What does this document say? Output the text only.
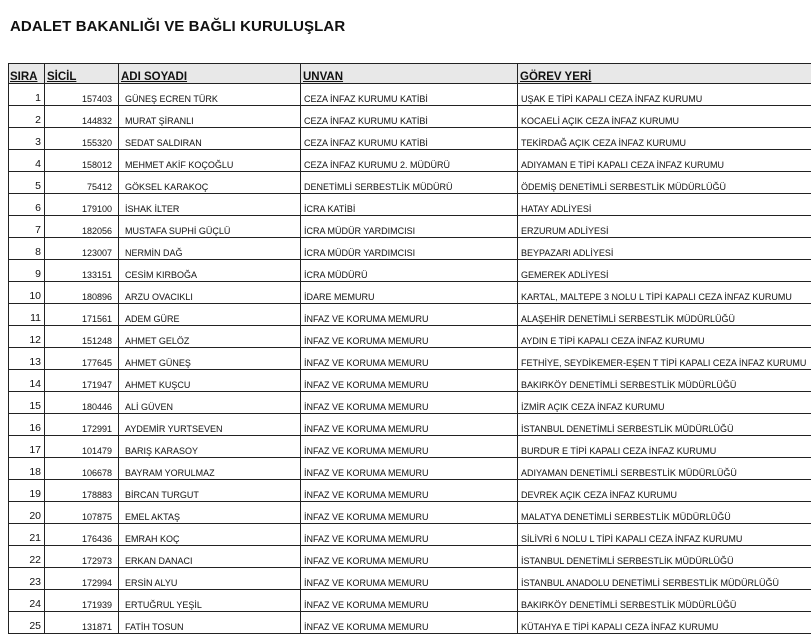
ADALET BAKANLIĞI VE BAĞLI KURULUŞLAR
SIRA	SİCİL	ADI SOYADI	UNVAN	GÖREV YERİ
1	157403	GÜNEŞ ECREN TÜRK	CEZA İNFAZ KURUMU KATİBİ	UŞAK E TİPİ KAPALI CEZA İNFAZ KURUMU
2	144832	MURAT ŞİRANLI	CEZA İNFAZ KURUMU KATİBİ	KOCAELİ AÇIK CEZA İNFAZ KURUMU
3	155320	SEDAT SALDIRAN	CEZA İNFAZ KURUMU KATİBİ	TEKİRDAĞ AÇIK CEZA İNFAZ KURUMU
4	158012	MEHMET AKİF KOÇOĞLU	CEZA İNFAZ KURUMU 2. MÜDÜRÜ	ADIYAMAN E TİPİ KAPALI CEZA İNFAZ KURUMU
5	75412	GÖKSEL KARAKOÇ	DENETİMLİ SERBESTLİK MÜDÜRÜ	ÖDEMİŞ DENETİMLİ SERBESTLİK MÜDÜRLÜĞÜ
6	179100	İSHAK İLTER	İCRA KATİBİ	HATAY ADLİYESİ
7	182056	MUSTAFA SUPHİ GÜÇLÜ	İCRA MÜDÜR YARDIMCISI	ERZURUM ADLİYESİ
8	123007	NERMİN DAĞ	İCRA MÜDÜR YARDIMCISI	BEYPAZARI ADLİYESİ
9	133151	CESİM KIRBOĞA	İCRA MÜDÜRÜ	GEMEREK ADLİYESİ
10	180896	ARZU OVACIKLI	İDARE MEMURU	KARTAL, MALTEPE 3 NOLU L TİPİ KAPALI CEZA İNFAZ KURUMU
11	171561	ADEM GÜRE	İNFAZ VE KORUMA MEMURU	ALAŞEHİR DENETİMLİ SERBESTLİK MÜDÜRLÜĞÜ
12	151248	AHMET GELÖZ	İNFAZ VE KORUMA MEMURU	AYDIN E TİPİ KAPALI CEZA İNFAZ KURUMU
13	177645	AHMET GÜNEŞ	İNFAZ VE KORUMA MEMURU	FETHİYE, SEYDİKEMER-EŞEN T TİPİ KAPALI CEZA İNFAZ KURUMU
14	171947	AHMET KUŞCU	İNFAZ VE KORUMA MEMURU	BAKIRKÖY DENETİMLİ SERBESTLİK MÜDÜRLÜĞÜ
15	180446	ALİ GÜVEN	İNFAZ VE KORUMA MEMURU	İZMİR AÇIK CEZA İNFAZ KURUMU
16	172991	AYDEMİR YURTSEVEN	İNFAZ VE KORUMA MEMURU	İSTANBUL DENETİMLİ SERBESTLİK MÜDÜRLÜĞÜ
17	101479	BARIŞ KARASOY	İNFAZ VE KORUMA MEMURU	BURDUR E TİPİ KAPALI CEZA İNFAZ KURUMU
18	106678	BAYRAM YORULMAZ	İNFAZ VE KORUMA MEMURU	ADIYAMAN DENETİMLİ SERBESTLİK MÜDÜRLÜĞÜ
19	178883	BİRCAN TURGUT	İNFAZ VE KORUMA MEMURU	DEVREK AÇIK CEZA İNFAZ KURUMU
20	107875	EMEL AKTAŞ	İNFAZ VE KORUMA MEMURU	MALATYA DENETİMLİ SERBESTLİK MÜDÜRLÜĞÜ
21	176436	EMRAH KOÇ	İNFAZ VE KORUMA MEMURU	SİLİVRİ 6 NOLU L TİPİ KAPALI CEZA İNFAZ KURUMU
22	172973	ERKAN DANACI	İNFAZ VE KORUMA MEMURU	İSTANBUL DENETİMLİ SERBESTLİK MÜDÜRLÜĞÜ
23	172994	ERSİN ALYU	İNFAZ VE KORUMA MEMURU	İSTANBUL ANADOLU DENETİMLİ SERBESTLİK MÜDÜRLÜĞÜ
24	171939	ERTUĞRUL YEŞİL	İNFAZ VE KORUMA MEMURU	BAKIRKÖY DENETİMLİ SERBESTLİK MÜDÜRLÜĞÜ
25	131871	FATİH TOSUN	İNFAZ VE KORUMA MEMURU	KÜTAHYA E TİPİ KAPALI CEZA İNFAZ KURUMU
